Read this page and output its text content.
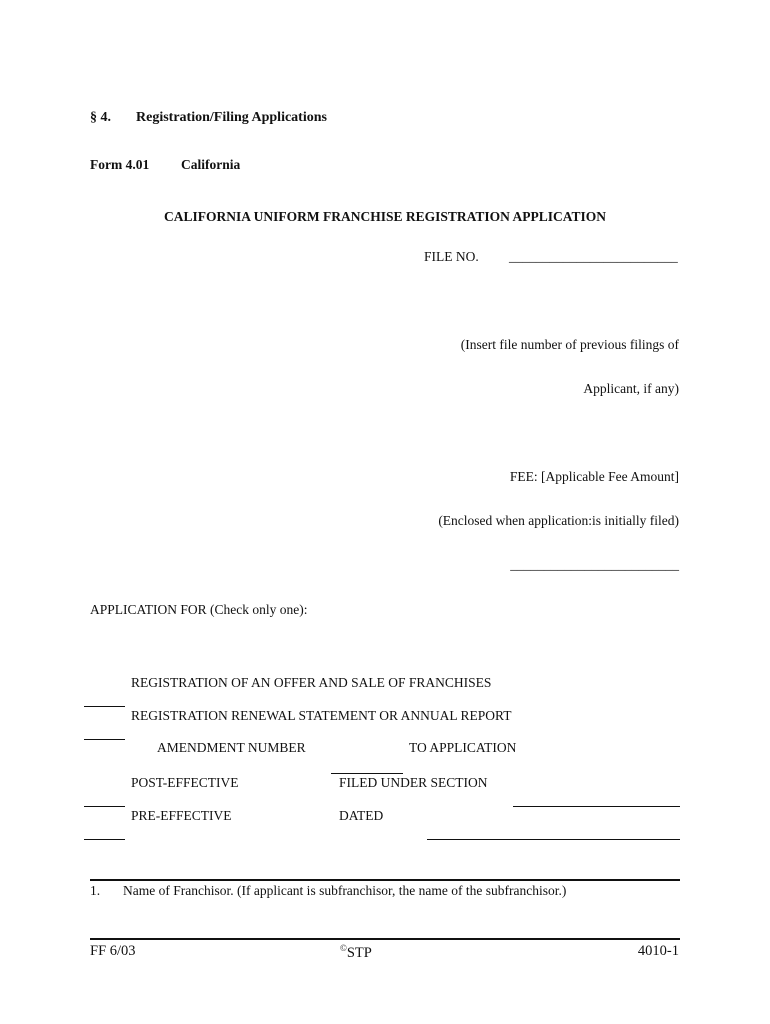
§ 4. Registration/Filing Applications
Form 4.01 California
CALIFORNIA UNIFORM FRANCHISE REGISTRATION APPLICATION
FILE NO. _________________________
(Insert file number of previous filings of
Applicant, if any)
FEE: [Applicable Fee Amount]
(Enclosed when application:is initially filed)
_________________________
APPLICATION FOR (Check only one):
REGISTRATION OF AN OFFER AND SALE OF FRANCHISES
REGISTRATION RENEWAL STATEMENT OR ANNUAL REPORT
AMENDMENT NUMBER	TO APPLICATION
POST-EFFECTIVE	FILED UNDER SECTION
PRE-EFFECTIVE	DATED
1. Name of Franchisor. (If applicant is subfranchisor, the name of the subfranchisor.)
FF 6/03	©STP	4010-1
